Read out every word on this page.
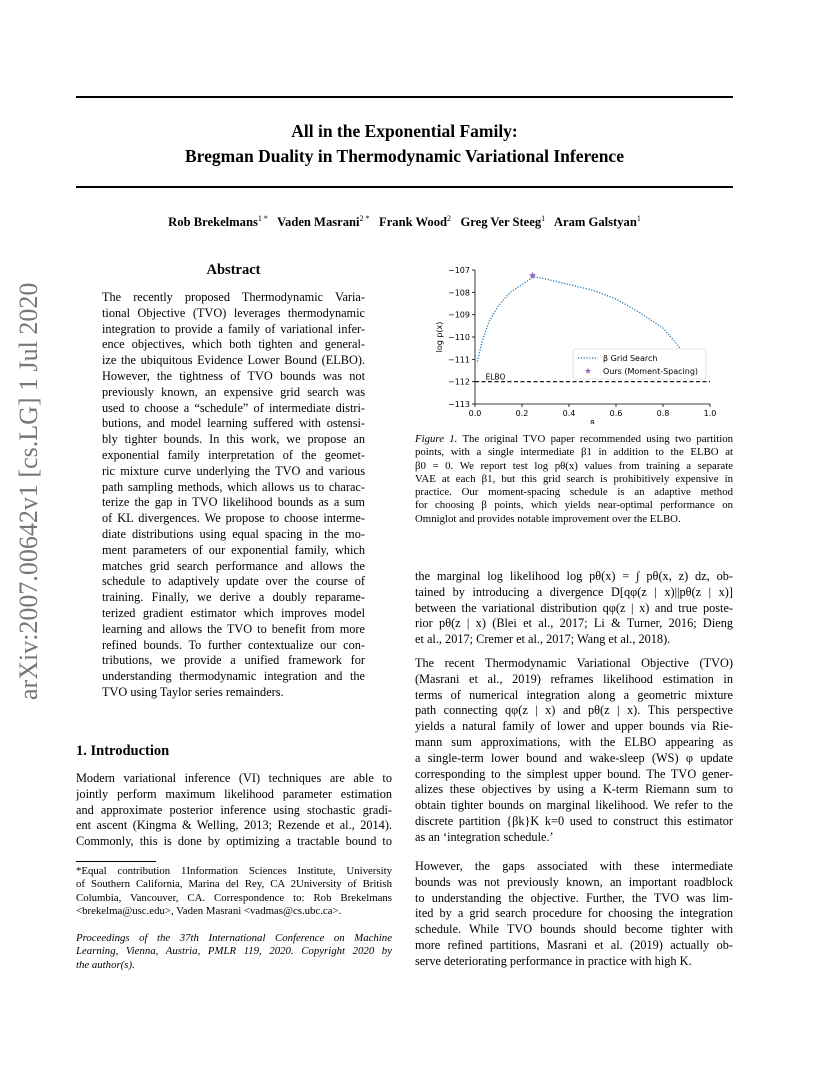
arXiv:2007.00642v1 [cs.LG] 1 Jul 2020
All in the Exponential Family:
Bregman Duality in Thermodynamic Variational Inference
Rob Brekelmans$^{1 *}$ Vaden Masrani$^{2 *}$ Frank Wood$^2$ Greg Ver Steeg$^1$ Aram Galstyan$^1$
Abstract
The recently proposed Thermodynamic Varia-
tional Objective (TVO) leverages thermodynamic
integration to provide a family of variational infer-
ence objectives, which both tighten and general-
ize the ubiquitous Evidence Lower Bound (ELBO).
However, the tightness of TVO bounds was not
previously known, an expensive grid search was
used to choose a “schedule” of intermediate distri-
butions, and model learning suffered with ostensi-
bly tighter bounds. In this work, we propose an
exponential family interpretation of the geomet-
ric mixture curve underlying the TVO and various
path sampling methods, which allows us to charac-
terize the gap in TVO likelihood bounds as a sum
of KL divergences. We propose to choose interme-
diate distributions using equal spacing in the mo-
ment parameters of our exponential family, which
matches grid search performance and allows the
schedule to adaptively update over the course of
training. Finally, we derive a doubly reparame-
terized gradient estimator which improves model
learning and allows the TVO to benefit from more
refined bounds. To further contextualize our con-
tributions, we provide a unified framework for
understanding thermodynamic integration and the
TVO using Taylor series remainders.
1. Introduction
Modern variational inference (VI) techniques are able to
jointly perform maximum likelihood parameter estimation
and approximate posterior inference using stochastic gradi-
ent ascent (Kingma & Welling, 2013; Rezende et al., 2014).
Commonly, this is done by optimizing a tractable bound to
*Equal contribution 1Information Sciences Institute, University
of Southern California, Marina del Rey, CA 2University of British
Columbia, Vancouver, CA. Correspondence to: Rob Brekelmans
<brekelma@usc.edu>, Vaden Masrani <vadmas@cs.ubc.ca>.
Proceedings of the 37th International Conference on Machine
Learning, Vienna, Austria, PMLR 119, 2020. Copyright 2020 by
the author(s).
−107
−108
−109
−110
−111
−112
−113
0.0	0.2	0.4	0.6	0.8	1.0
β
log p(x)
ELBO
β Grid Search
Ours (Moment-Spacing)
Figure 1. The original TVO paper recommended using two partition
points, with a single intermediate β1 in addition to the ELBO at
β0 = 0. We report test log pθ(x) values from training a separate
VAE at each β1, but this grid search is prohibitively expensive in
practice. Our moment-spacing schedule is an adaptive method
for choosing β points, which yields near-optimal performance on
Omniglot and provides notable improvement over the ELBO.
the marginal log likelihood log pθ(x) = ∫ pθ(x, z) dz, ob-
tained by introducing a divergence D[qφ(z | x)||pθ(z | x)]
between the variational distribution qφ(z | x) and true poste-
rior pθ(z | x) (Blei et al., 2017; Li & Turner, 2016; Dieng
et al., 2017; Cremer et al., 2017; Wang et al., 2018).
The recent Thermodynamic Variational Objective (TVO)
(Masrani et al., 2019) reframes likelihood estimation in
terms of numerical integration along a geometric mixture
path connecting qφ(z | x) and pθ(z | x). This perspective
yields a natural family of lower and upper bounds via Rie-
mann sum approximations, with the ELBO appearing as
a single-term lower bound and wake-sleep (WS) φ update
corresponding to the simplest upper bound. The TVO gener-
alizes these objectives by using a K-term Riemann sum to
obtain tighter bounds on marginal likelihood. We refer to the
discrete partition {βk}K k=0 used to construct this estimator
as an ‘integration schedule.’
However, the gaps associated with these intermediate
bounds was not previously known, an important roadblock
to understanding the objective. Further, the TVO was lim-
ited by a grid search procedure for choosing the integration
schedule. While TVO bounds should become tighter with
more refined partitions, Masrani et al. (2019) actually ob-
serve deteriorating performance in practice with high K.
